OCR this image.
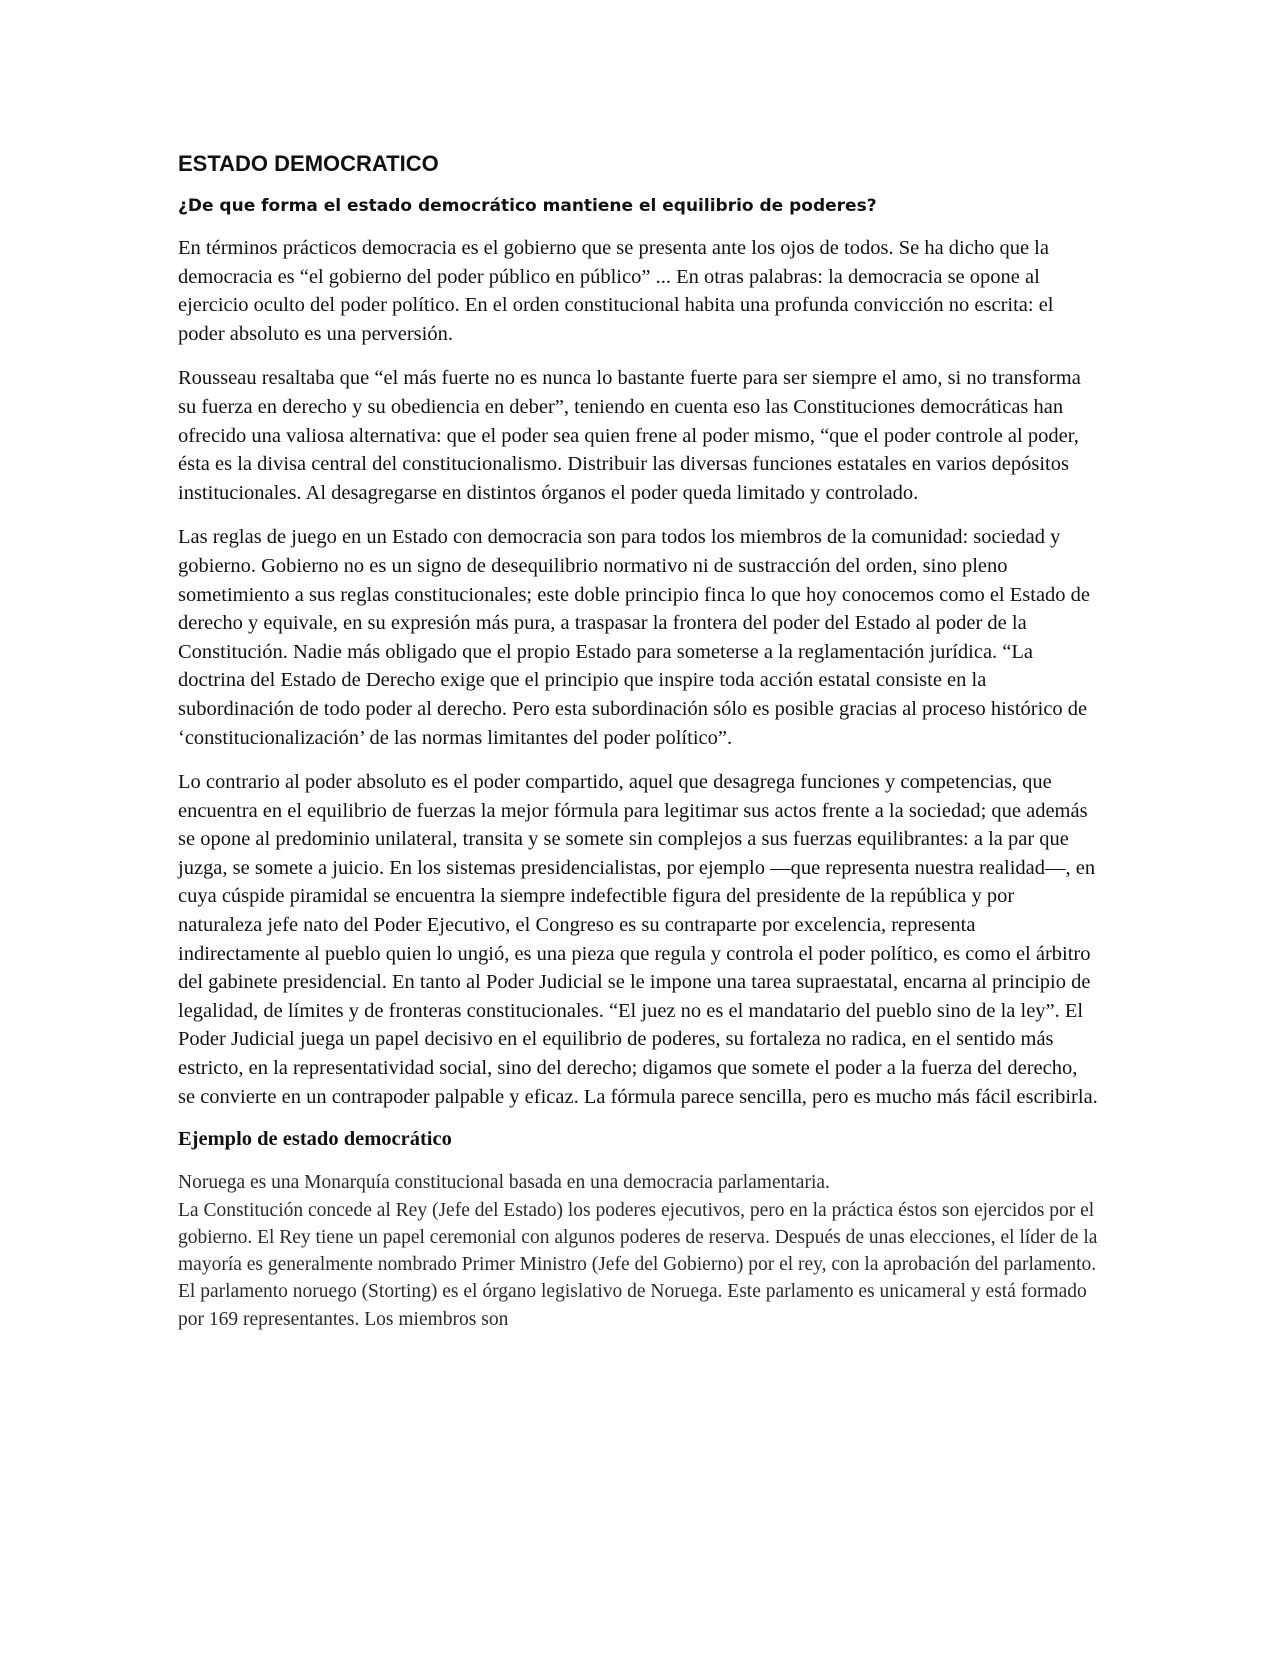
ESTADO DEMOCRATICO
¿De que forma el estado democrático mantiene el equilibrio de poderes?

En términos prácticos democracia es el gobierno que se presenta ante los ojos de todos. Se ha dicho que la democracia es “el gobierno del poder público en público” ... En otras palabras: la democracia se opone al ejercicio oculto del poder político. En el orden constitucional habita una profunda convicción no escrita: el poder absoluto es una perversión.

Rousseau resaltaba que “el más fuerte no es nunca lo bastante fuerte para ser siempre el amo, si no transforma su fuerza en derecho y su obediencia en deber”, teniendo en cuenta eso las Constituciones democráticas han ofrecido una valiosa alternativa: que el poder sea quien frene al poder mismo, “que el poder controle al poder, ésta es la divisa central del constitucionalismo. Distribuir las diversas funciones estatales en varios depósitos institucionales. Al desagregarse en distintos órganos el poder queda limitado y controlado.

Las reglas de juego en un Estado con democracia son para todos los miembros de la comunidad: sociedad y gobierno. Gobierno no es un signo de desequilibrio normativo ni de sustracción del orden, sino pleno sometimiento a sus reglas constitucionales; este doble principio finca lo que hoy conocemos como el Estado de derecho y equivale, en su expresión más pura, a traspasar la frontera del poder del Estado al poder de la Constitución. Nadie más obligado que el propio Estado para someterse a la reglamentación jurídica. “La doctrina del Estado de Derecho exige que el principio que inspire toda acción estatal consiste en la subordinación de todo poder al derecho. Pero esta subordinación sólo es posible gracias al proceso histórico de ‘constitucionalización’ de las normas limitantes del poder político”.

Lo contrario al poder absoluto es el poder compartido, aquel que desagrega funciones y competencias, que encuentra en el equilibrio de fuerzas la mejor fórmula para legitimar sus actos frente a la sociedad; que además se opone al predominio unilateral, transita y se somete sin complejos a sus fuerzas equilibrantes: a la par que juzga, se somete a juicio. En los sistemas presidencialistas, por ejemplo —que representa nuestra realidad—, en cuya cúspide piramidal se encuentra la siempre indefectible figura del presidente de la república y por naturaleza jefe nato del Poder Ejecutivo, el Congreso es su contraparte por excelencia, representa indirectamente al pueblo quien lo ungió, es una pieza que regula y controla el poder político, es como el árbitro del gabinete presidencial. En tanto al Poder Judicial se le impone una tarea supraestatal, encarna al principio de legalidad, de límites y de fronteras constitucionales. “El juez no es el mandatario del pueblo sino de la ley”. El Poder Judicial juega un papel decisivo en el equilibrio de poderes, su fortaleza no radica, en el sentido más estricto, en la representatividad social, sino del derecho; digamos que somete el poder a la fuerza del derecho, se convierte en un contrapoder palpable y eficaz. La fórmula parece sencilla, pero es mucho más fácil escribirla.

Ejemplo de estado democrático

Noruega es una Monarquía constitucional basada en una democracia parlamentaria.

La Constitución concede al Rey (Jefe del Estado) los poderes ejecutivos, pero en la práctica éstos son ejercidos por el gobierno. El Rey tiene un papel ceremonial con algunos poderes de reserva. Después de unas elecciones, el líder de la mayoría es generalmente nombrado Primer Ministro (Jefe del Gobierno) por el rey, con la aprobación del parlamento. El parlamento noruego (Storting) es el órgano legislativo de Noruega. Este parlamento es unicameral y está formado por 169 representantes. Los miembros son
